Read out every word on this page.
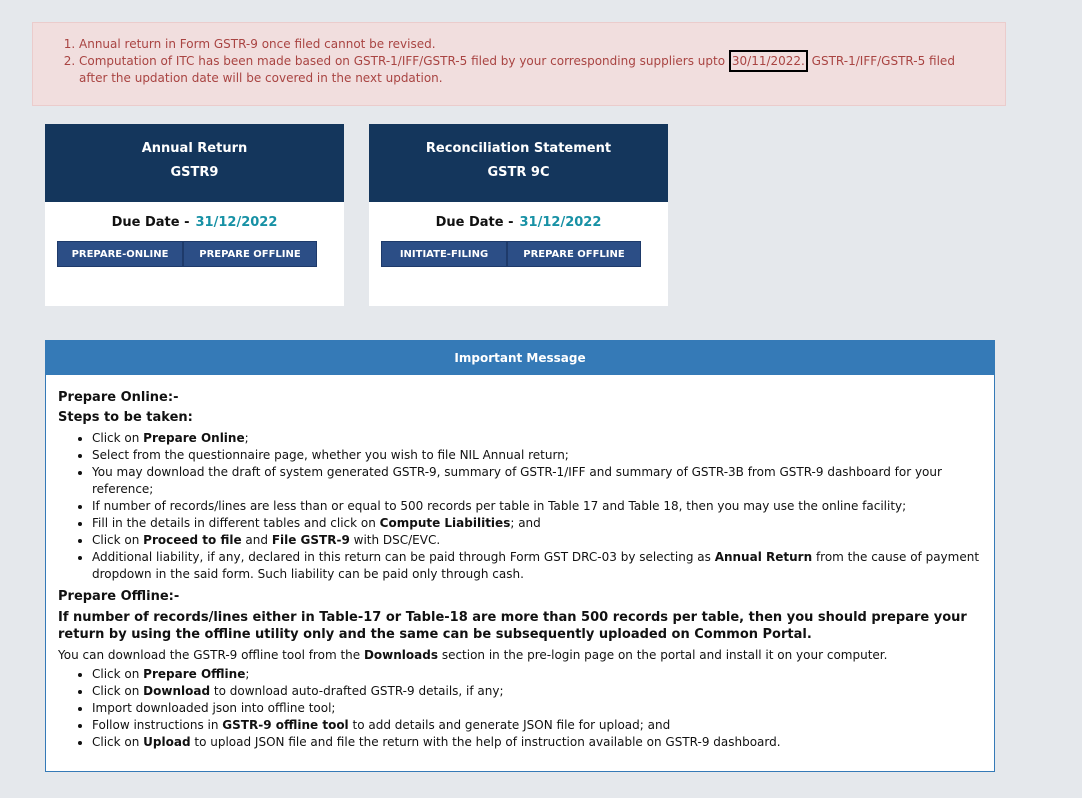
1. Annual return in Form GSTR-9 once filed cannot be revised.
2. Computation of ITC has been made based on GSTR-1/IFF/GSTR-5 filed by your corresponding suppliers upto 30/11/2022. GSTR-1/IFF/GSTR-5 filed after the updation date will be covered in the next updation.
Annual Return
GSTR9
Due Date - 31/12/2022
PREPARE-ONLINE	PREPARE OFFLINE
Reconciliation Statement
GSTR 9C
Due Date - 31/12/2022
INITIATE-FILING	PREPARE OFFLINE
Important Message
Prepare Online:-
Steps to be taken:
• Click on Prepare Online;
• Select from the questionnaire page, whether you wish to file NIL Annual return;
• You may download the draft of system generated GSTR-9, summary of GSTR-1/IFF and summary of GSTR-3B from GSTR-9 dashboard for your reference;
• If number of records/lines are less than or equal to 500 records per table in Table 17 and Table 18, then you may use the online facility;
• Fill in the details in different tables and click on Compute Liabilities; and
• Click on Proceed to file and File GSTR-9 with DSC/EVC.
• Additional liability, if any, declared in this return can be paid through Form GST DRC-03 by selecting as Annual Return from the cause of payment dropdown in the said form. Such liability can be paid only through cash.
Prepare Offline:-
If number of records/lines either in Table-17 or Table-18 are more than 500 records per table, then you should prepare your return by using the offline utility only and the same can be subsequently uploaded on Common Portal.
You can download the GSTR-9 offline tool from the Downloads section in the pre-login page on the portal and install it on your computer.
• Click on Prepare Offline;
• Click on Download to download auto-drafted GSTR-9 details, if any;
• Import downloaded json into offline tool;
• Follow instructions in GSTR-9 offline tool to add details and generate JSON file for upload; and
• Click on Upload to upload JSON file and file the return with the help of instruction available on GSTR-9 dashboard.
